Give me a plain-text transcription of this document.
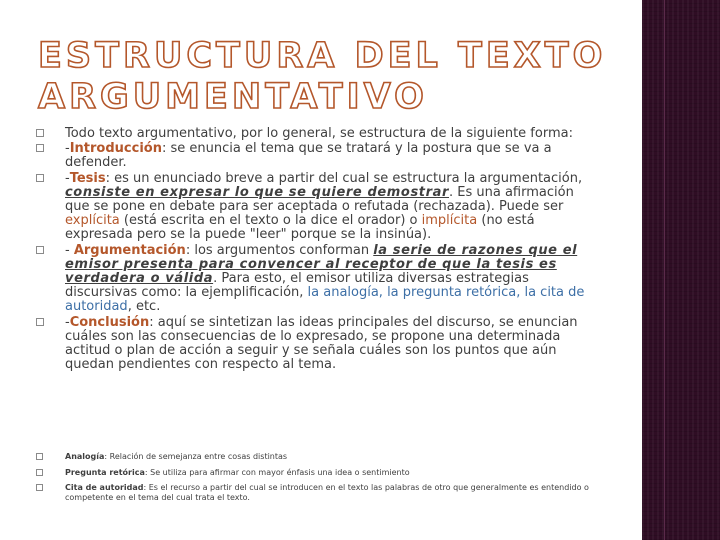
ESTRUCTURA DEL TEXTO
ARGUMENTATIVO
Todo texto argumentativo, por lo general, se estructura de la siguiente forma:
-Introducción: se enuncia el tema que se tratará y la postura que se va a defender.
-Tesis: es un enunciado breve a partir del cual se estructura la argumentación, consiste en expresar lo que se quiere demostrar. Es una afirmación que se pone en debate para ser aceptada o refutada (rechazada). Puede ser explícita (está escrita en el texto o la dice el orador) o implícita (no está expresada pero se la puede "leer" porque se la insinúa).
- Argumentación: los argumentos conforman la serie de razones que el emisor presenta para convencer al receptor de que la tesis es verdadera o válida. Para esto, el emisor utiliza diversas estrategias discursivas como: la ejemplificación, la analogía, la pregunta retórica, la cita de autoridad, etc.
-Conclusión: aquí se sintetizan las ideas principales del discurso, se enuncian cuáles son las consecuencias de lo expresado, se propone una determinada actitud o plan de acción a seguir y se señala cuáles son los puntos que aún quedan pendientes con respecto al tema.
Analogía: Relación de semejanza entre cosas distintas
Pregunta retórica: Se utiliza para afirmar con mayor énfasis una idea o sentimiento
Cita de autoridad: Es el recurso a partir del cual se introducen en el texto las palabras de otro que generalmente es entendido o competente en el tema del cual trata el texto.
